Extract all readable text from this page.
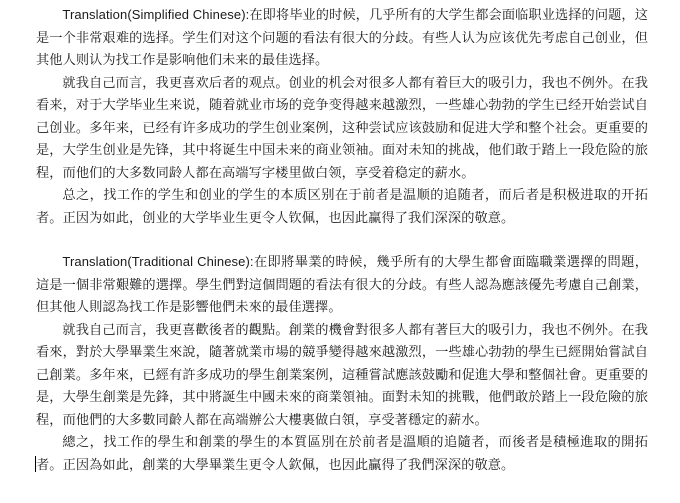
Translation(Simplified Chinese):在即将毕业的时候，几乎所有的大学生都会面临职业选择的问题，这是一个非常艰难的选择。学生们对这个问题的看法有很大的分歧。有些人认为应该优先考虑自己创业，但其他人则认为找工作是影响他们未来的最佳选择。

就我自己而言，我更喜欢后者的观点。创业的机会对很多人都有着巨大的吸引力，我也不例外。在我看来，对于大学毕业生来说，随着就业市场的竞争变得越来越激烈，一些雄心勃勃的学生已经开始尝试自己创业。多年来，已经有许多成功的学生创业案例，这种尝试应该鼓励和促进大学和整个社会。更重要的是，大学生创业是先锋，其中将诞生中国未来的商业领袖。面对未知的挑战，他们敢于踏上一段危险的旅程，而他们的大多数同龄人都在高端写字楼里做白领，享受着稳定的薪水。

总之，找工作的学生和创业的学生的本质区别在于前者是温顺的追随者，而后者是积极进取的开拓者。正因为如此，创业的大学毕业生更令人钦佩，也因此赢得了我们深深的敬意。

Translation(Traditional Chinese):在即將畢業的時候，幾乎所有的大學生都會面臨職業選擇的問題，這是一個非常艱難的選擇。學生們對這個問題的看法有很大的分歧。有些人認為應該優先考慮自己創業，但其他人則認為找工作是影響他們未來的最佳選擇。

就我自己而言，我更喜歡後者的觀點。創業的機會對很多人都有著巨大的吸引力，我也不例外。在我看來，對於大學畢業生來說，隨著就業市場的競爭變得越來越激烈，一些雄心勃勃的學生已經開始嘗試自己創業。多年來，已經有許多成功的學生創業案例，這種嘗試應該鼓勵和促進大學和整個社會。更重要的是，大學生創業是先鋒，其中將誕生中國未來的商業領袖。面對未知的挑戰，他們敢於踏上一段危險的旅程，而他們的大多數同齡人都在高端辦公大樓裏做白領，享受著穩定的薪水。

總之，找工作的學生和創業的學生的本質區別在於前者是溫順的追隨者，而後者是積極進取的開拓者。正因為如此，創業的大學畢業生更令人欽佩，也因此贏得了我們深深的敬意。
